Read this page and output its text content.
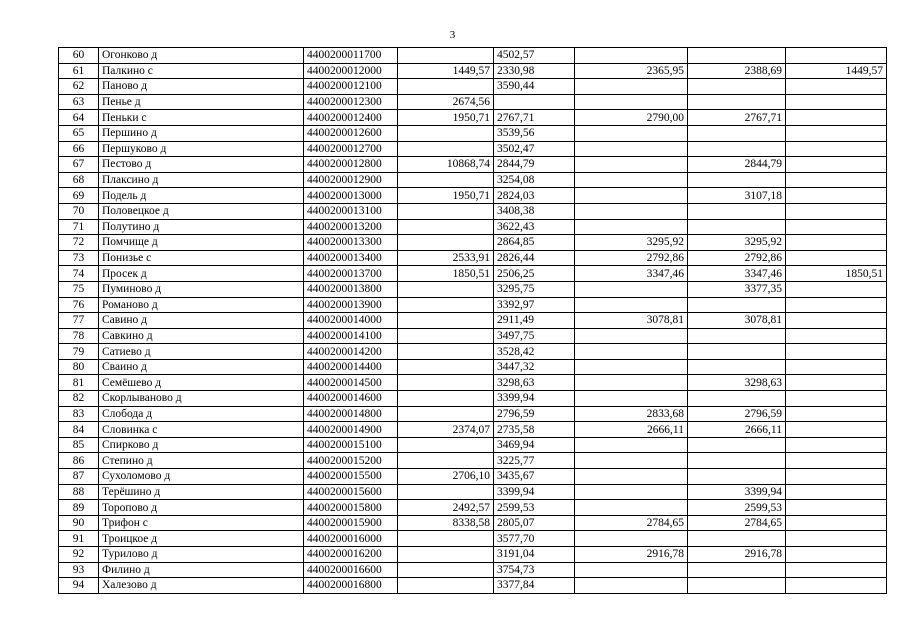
3
60	Огонково д	4400200011700		4502,57			
61	Палкино с	4400200012000	1449,57	2330,98	2365,95	2388,69	1449,57
62	Паново д	4400200012100		3590,44			
63	Пенье д	4400200012300	2674,56				
64	Пеньки с	4400200012400	1950,71	2767,71	2790,00	2767,71	
65	Першино д	4400200012600		3539,56			
66	Першуково д	4400200012700		3502,47			
67	Пестово д	4400200012800	10868,74	2844,79		2844,79	
68	Плаксино д	4400200012900		3254,08			
69	Подель д	4400200013000	1950,71	2824,03		3107,18	
70	Половецкое д	4400200013100		3408,38			
71	Полутино д	4400200013200		3622,43			
72	Помчище д	4400200013300		2864,85	3295,92	3295,92	
73	Понизье с	4400200013400	2533,91	2826,44	2792,86	2792,86	
74	Просек д	4400200013700	1850,51	2506,25	3347,46	3347,46	1850,51
75	Пуминово д	4400200013800		3295,75		3377,35	
76	Романово д	4400200013900		3392,97			
77	Савино д	4400200014000		2911,49	3078,81	3078,81	
78	Савкино д	4400200014100		3497,75			
79	Сатиево д	4400200014200		3528,42			
80	Сваино д	4400200014400		3447,32			
81	Семёшево д	4400200014500		3298,63		3298,63	
82	Скорлываново д	4400200014600		3399,94			
83	Слобода д	4400200014800		2796,59	2833,68	2796,59	
84	Словинка с	4400200014900	2374,07	2735,58	2666,11	2666,11	
85	Спирково д	4400200015100		3469,94			
86	Степино д	4400200015200		3225,77			
87	Сухоломово д	4400200015500	2706,10	3435,67			
88	Терёшино д	4400200015600		3399,94		3399,94	
89	Торопово д	4400200015800	2492,57	2599,53		2599,53	
90	Трифон с	4400200015900	8338,58	2805,07	2784,65	2784,65	
91	Троицкое д	4400200016000		3577,70			
92	Турилово д	4400200016200		3191,04	2916,78	2916,78	
93	Филино д	4400200016600		3754,73			
94	Халезово д	4400200016800		3377,84			
